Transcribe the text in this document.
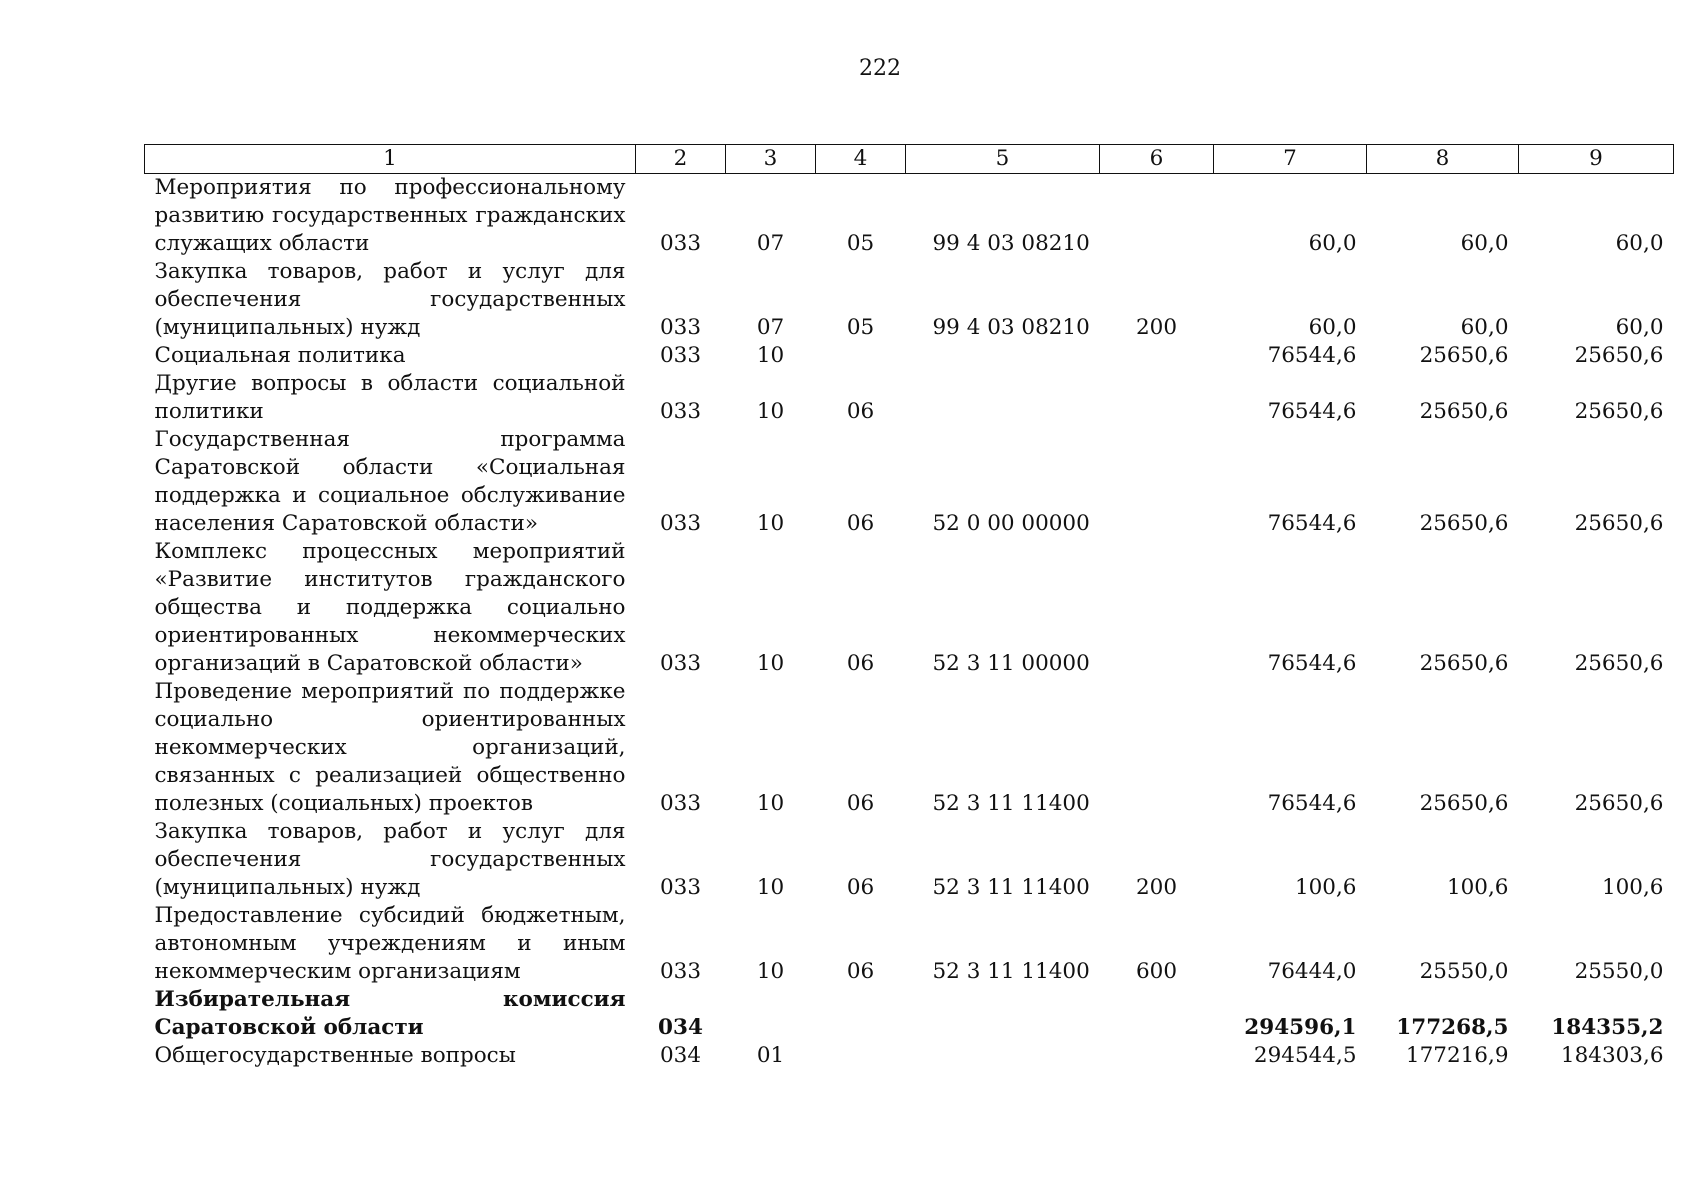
222
1	2	3	4	5	6	7	8	9
Мероприятия по профессиональному развитию государственных гражданских служащих области	033	07	05	99 4 03 08210		60,0	60,0	60,0
Закупка товаров, работ и услуг для обеспечения государственных (муниципальных) нужд	033	07	05	99 4 03 08210	200	60,0	60,0	60,0
Социальная политика	033	10				76544,6	25650,6	25650,6
Другие вопросы в области социальной политики	033	10	06			76544,6	25650,6	25650,6
Государственная программа Саратовской области «Социальная поддержка и социальное обслуживание населения Саратовской области»	033	10	06	52 0 00 00000		76544,6	25650,6	25650,6
Комплекс процессных мероприятий «Развитие институтов гражданского общества и поддержка социально ориентированных некоммерческих организаций в Саратовской области»	033	10	06	52 3 11 00000		76544,6	25650,6	25650,6
Проведение мероприятий по поддержке социально ориентированных некоммерческих организаций, связанных с реализацией общественно полезных (социальных) проектов	033	10	06	52 3 11 11400		76544,6	25650,6	25650,6
Закупка товаров, работ и услуг для обеспечения государственных (муниципальных) нужд	033	10	06	52 3 11 11400	200	100,6	100,6	100,6
Предоставление субсидий бюджетным, автономным учреждениям и иным некоммерческим организациям	033	10	06	52 3 11 11400	600	76444,0	25550,0	25550,0
Избирательная комиссия Саратовской области	034					294596,1	177268,5	184355,2
Общегосударственные вопросы	034	01				294544,5	177216,9	184303,6
